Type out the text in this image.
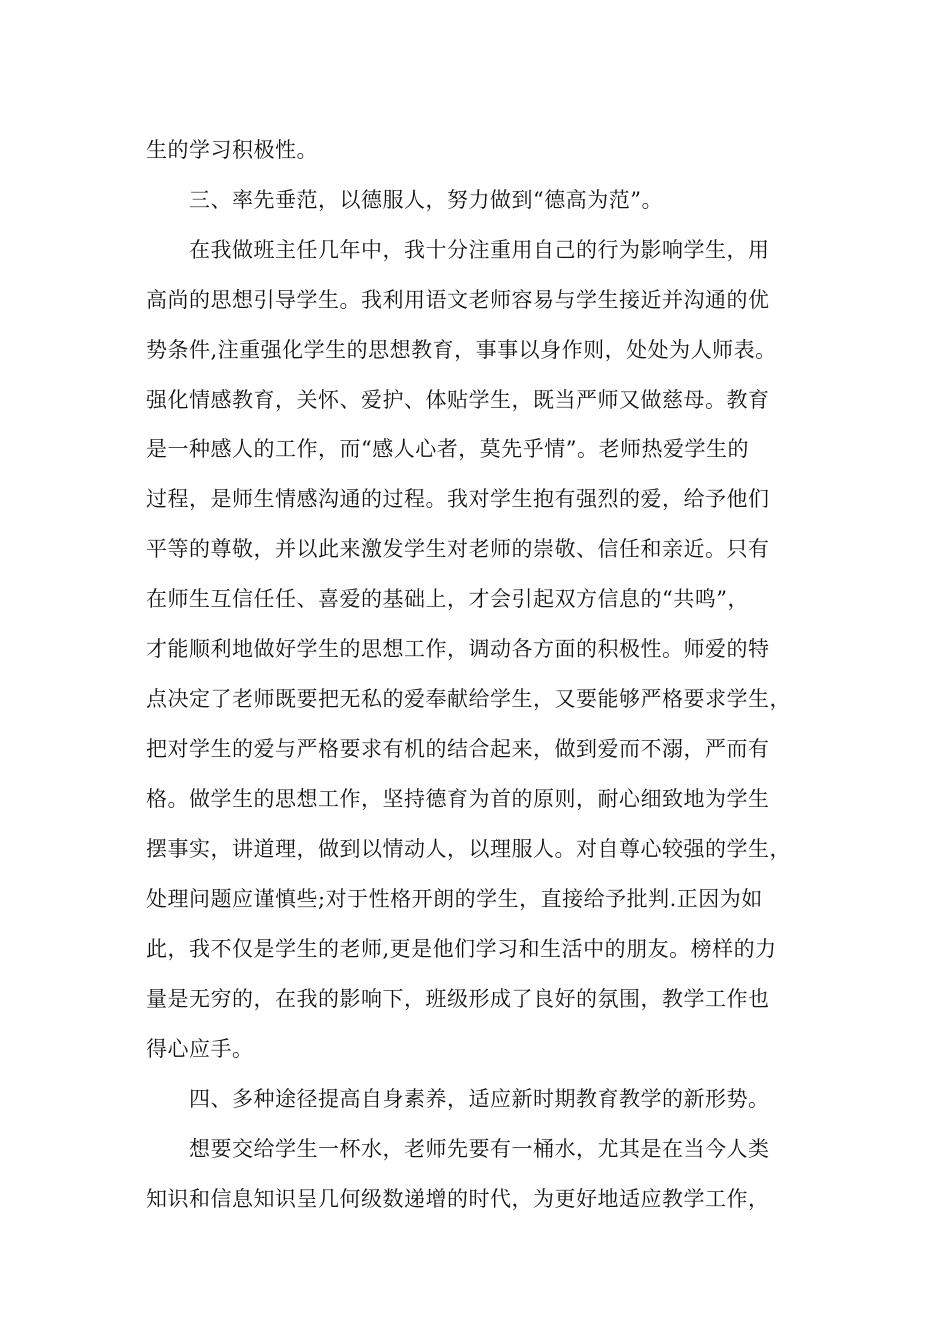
生的学习积极性。
三、率先垂范，以德服人，努力做到“德高为范”。
在我做班主任几年中，我十分注重用自己的行为影响学生，用
高尚的思想引导学生。我利用语文老师容易与学生接近并沟通的优
势条件,注重强化学生的思想教育，事事以身作则，处处为人师表。
强化情感教育，关怀、爱护、体贴学生，既当严师又做慈母。教育
是一种感人的工作，而“感人心者，莫先乎情”。老师热爱学生的
过程，是师生情感沟通的过程。我对学生抱有强烈的爱，给予他们
平等的尊敬，并以此来激发学生对老师的崇敬、信任和亲近。只有
在师生互信任任、喜爱的基础上，才会引起双方信息的“共鸣”，
才能顺利地做好学生的思想工作，调动各方面的积极性。师爱的特
点决定了老师既要把无私的爱奉献给学生，又要能够严格要求学生，
把对学生的爱与严格要求有机的结合起来，做到爱而不溺，严而有
格。做学生的思想工作，坚持德育为首的原则，耐心细致地为学生
摆事实，讲道理，做到以情动人，以理服人。对自尊心较强的学生，
处理问题应谨慎些;对于性格开朗的学生，直接给予批判.正因为如
此，我不仅是学生的老师,更是他们学习和生活中的朋友。榜样的力
量是无穷的，在我的影响下，班级形成了良好的氛围，教学工作也
得心应手。
四、多种途径提高自身素养，适应新时期教育教学的新形势。
想要交给学生一杯水，老师先要有一桶水，尤其是在当今人类
知识和信息知识呈几何级数递增的时代，为更好地适应教学工作，
